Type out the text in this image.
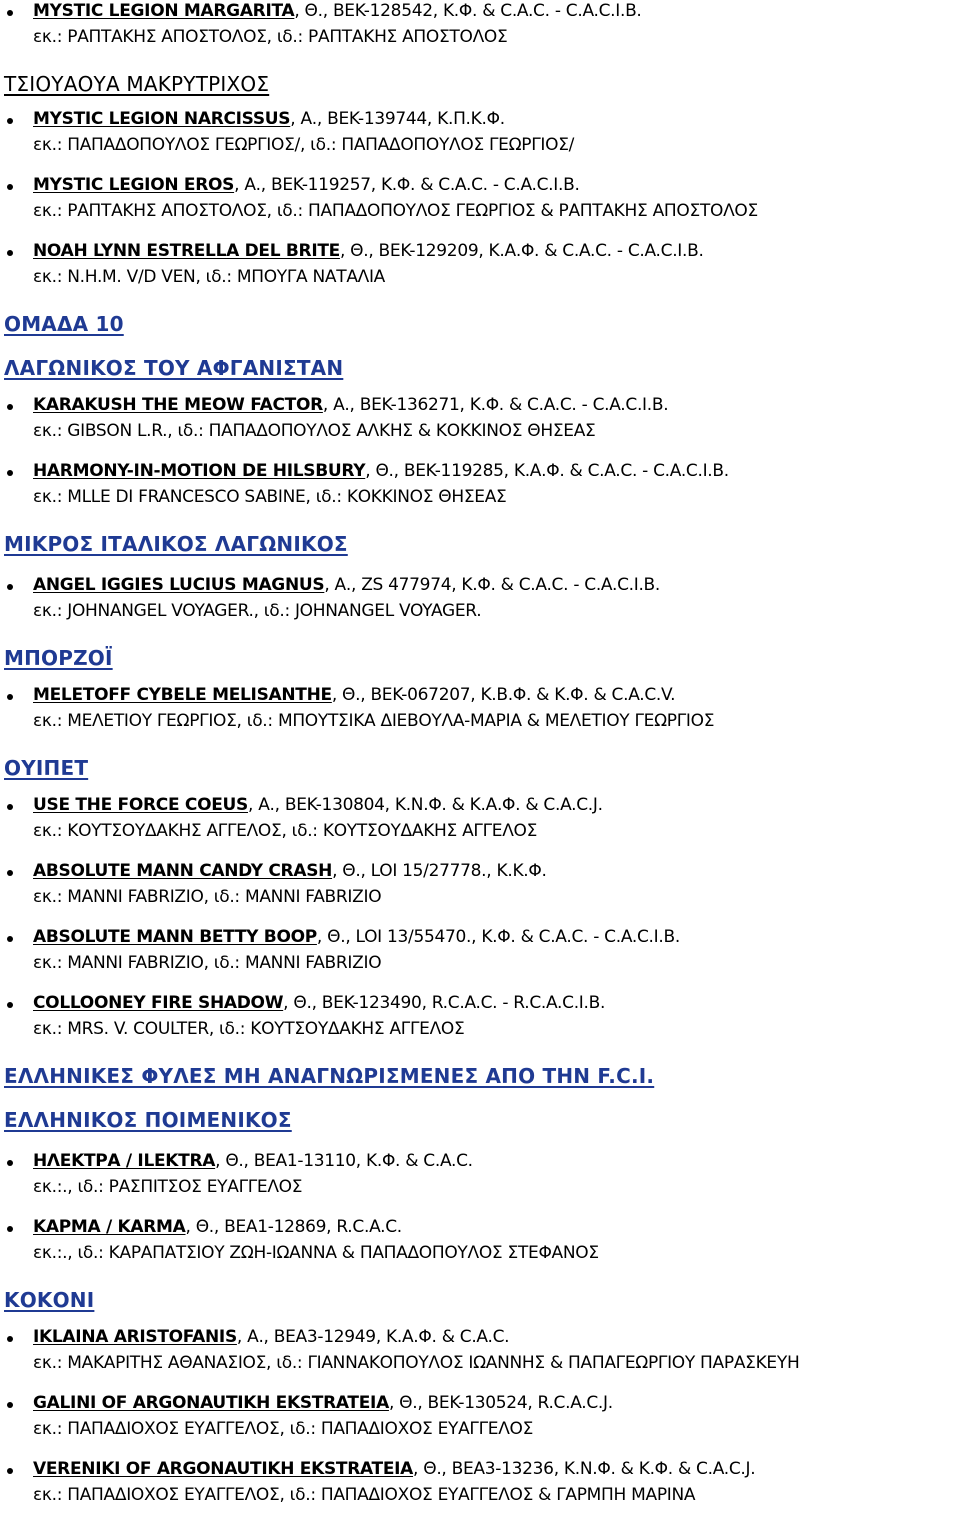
MYSTIC LEGION MARGARITA, Θ., BEK-128542, Κ.Φ. & C.A.C. - C.A.C.I.B.
εκ.: ΡΑΠΤΑΚΗΣ ΑΠΟΣΤΟΛΟΣ, ιδ.: ΡΑΠΤΑΚΗΣ ΑΠΟΣΤΟΛΟΣ
ΤΣΙΟΥΑΟΥΑ ΜΑΚΡΥΤΡΙΧΟΣ
MYSTIC LEGION NARCISSUS, Α., BEK-139744, Κ.Π.Κ.Φ.
εκ.: ΠΑΠΑΔΟΠΟΥΛΟΣ ΓΕΩΡΓΙΟΣ/, ιδ.: ΠΑΠΑΔΟΠΟΥΛΟΣ ΓΕΩΡΓΙΟΣ/
MYSTIC LEGION EROS, Α., BEK-119257, Κ.Φ. & C.A.C. - C.A.C.I.B.
εκ.: ΡΑΠΤΑΚΗΣ ΑΠΟΣΤΟΛΟΣ, ιδ.: ΠΑΠΑΔΟΠΟΥΛΟΣ ΓΕΩΡΓΙΟΣ & ΡΑΠΤΑΚΗΣ ΑΠΟΣΤΟΛΟΣ
NOAH LYNN ESTRELLA DEL BRITE, Θ., BEK-129209, Κ.Α.Φ. & C.A.C. - C.A.C.I.B.
εκ.: N.H.M. V/D VEN, ιδ.: ΜΠΟΥΓΑ ΝΑΤΑΛΙΑ
ΟΜΑΔΑ 10
ΛΑΓΩΝΙΚΟΣ ΤΟΥ ΑΦΓΑΝΙΣΤΑΝ
KARAKUSH THE MEOW FACTOR, Α., BEK-136271, Κ.Φ. & C.A.C. - C.A.C.I.B.
εκ.: GIBSON L.R., ιδ.: ΠΑΠΑΔΟΠΟΥΛΟΣ ΑΛΚΗΣ & ΚΟΚΚΙΝΟΣ ΘΗΣΕΑΣ
HARMONY-IN-MOTION DE HILSBURY, Θ., BEK-119285, Κ.Α.Φ. & C.A.C. - C.A.C.I.B.
εκ.: MLLE DI FRANCESCO SABINE, ιδ.: ΚΟΚΚΙΝΟΣ ΘΗΣΕΑΣ
ΜΙΚΡΟΣ ΙΤΑΛΙΚΟΣ ΛΑΓΩΝΙΚΟΣ
ANGEL IGGIES LUCIUS MAGNUS, Α., ZS 477974, Κ.Φ. & C.A.C. - C.A.C.I.B.
εκ.: JOHNANGEL VOYAGER., ιδ.: JOHNANGEL VOYAGER.
ΜΠΟΡΖΟΪ
MELETOFF CYBELE MELISANTHE, Θ., BEK-067207, Κ.Β.Φ. & Κ.Φ. & C.A.C.V.
εκ.: ΜΕΛΕΤΙΟΥ ΓΕΩΡΓΙΟΣ, ιδ.: ΜΠΟΥΤΣΙΚΑ ΔΙΕΒΟΥΛΑ-ΜΑΡΙΑ & ΜΕΛΕΤΙΟΥ ΓΕΩΡΓΙΟΣ
ΟΥΙΠΕΤ
USE THE FORCE COEUS, Α., BEK-130804, Κ.Ν.Φ. & Κ.Α.Φ. & C.A.C.J.
εκ.: ΚΟΥΤΣΟΥΔΑΚΗΣ ΑΓΓΕΛΟΣ, ιδ.: ΚΟΥΤΣΟΥΔΑΚΗΣ ΑΓΓΕΛΟΣ
ABSOLUTE MANN CANDY CRASH, Θ., LOI 15/27778., Κ.Κ.Φ.
εκ.: MANNI FABRIZIO, ιδ.: MANNI FABRIZIO
ABSOLUTE MANN BETTY BOOP, Θ., LOI 13/55470., Κ.Φ. & C.A.C. - C.A.C.I.B.
εκ.: MANNI FABRIZIO, ιδ.: MANNI FABRIZIO
COLLOONEY FIRE SHADOW, Θ., BEK-123490, R.C.A.C. - R.C.A.C.I.B.
εκ.: MRS. V. COULTER, ιδ.: ΚΟΥΤΣΟΥΔΑΚΗΣ ΑΓΓΕΛΟΣ
ΕΛΛΗΝΙΚΕΣ ΦΥΛΕΣ ΜΗ ΑΝΑΓΝΩΡΙΣΜΕΝΕΣ ΑΠΟ ΤΗΝ F.C.I.
ΕΛΛΗΝΙΚΟΣ ΠΟΙΜΕΝΙΚΟΣ
ΗΛΕΚΤΡΑ / ILEKTRA, Θ., BEA1-13110, Κ.Φ. & C.A.C.
εκ.:., ιδ.: ΡΑΣΠΙΤΣΟΣ ΕΥΑΓΓΕΛΟΣ
ΚΑΡΜΑ / KARMA, Θ., BEA1-12869, R.C.A.C.
εκ.:., ιδ.: ΚΑΡΑΠΑΤΣΙΟΥ ΖΩΗ-ΙΩΑΝΝΑ & ΠΑΠΑΔΟΠΟΥΛΟΣ ΣΤΕΦΑΝΟΣ
ΚΟΚΟΝΙ
IKLAINA ARISTOFANIS, Α., BEA3-12949, Κ.Α.Φ. & C.A.C.
εκ.: ΜΑΚΑΡΙΤΗΣ ΑΘΑΝΑΣΙΟΣ, ιδ.: ΓΙΑΝΝΑΚΟΠΟΥΛΟΣ ΙΩΑΝΝΗΣ & ΠΑΠΑΓΕΩΡΓΙΟΥ ΠΑΡΑΣΚΕΥΗ
GALINI OF ARGONAUTIKH EKSTRATEIA, Θ., BEK-130524, R.C.A.C.J.
εκ.: ΠΑΠΑΔΙΟΧΟΣ ΕΥΑΓΓΕΛΟΣ, ιδ.: ΠΑΠΑΔΙΟΧΟΣ ΕΥΑΓΓΕΛΟΣ
VERENIKI OF ARGONAUTIKH EKSTRATEIA, Θ., BEA3-13236, Κ.Ν.Φ. & Κ.Φ. & C.A.C.J.
εκ.: ΠΑΠΑΔΙΟΧΟΣ ΕΥΑΓΓΕΛΟΣ, ιδ.: ΠΑΠΑΔΙΟΧΟΣ ΕΥΑΓΓΕΛΟΣ & ΓΑΡΜΠΗ ΜΑΡΙΝΑ
